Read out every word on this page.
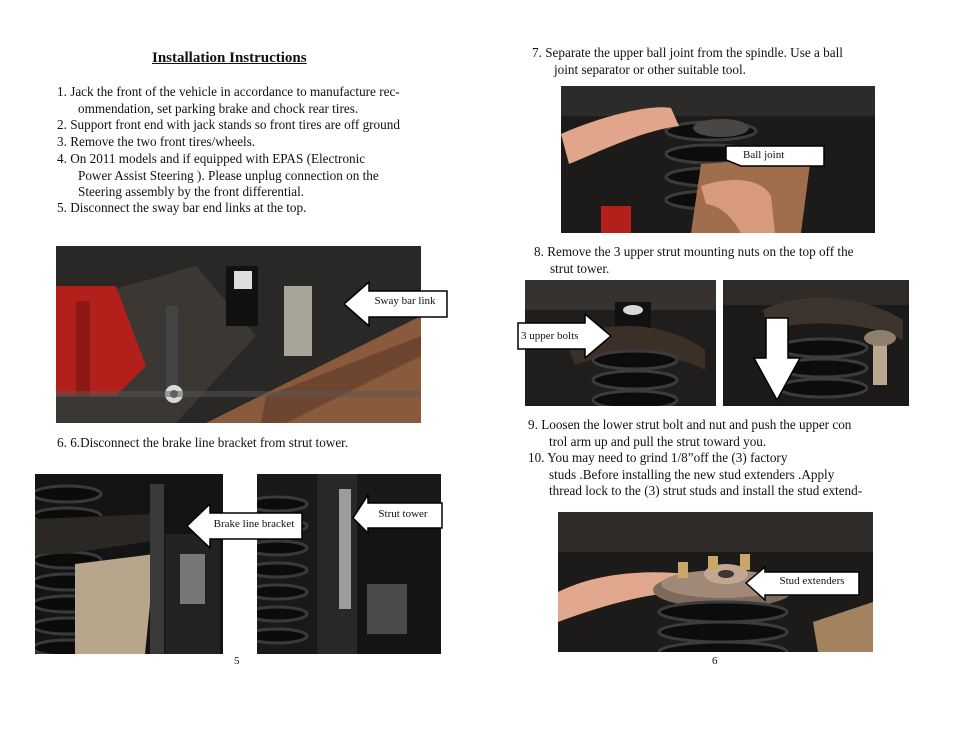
Installation Instructions
1. Jack the front of the vehicle in accordance to manufacture rec-
ommendation, set parking brake and chock rear tires.
2. Support front end with jack stands so front tires are off ground
3. Remove the two front tires/wheels.
4. On 2011 models and if equipped with EPAS (Electronic
Power Assist Steering ). Please unplug connection on the
Steering assembly by the front differential.
5. Disconnect the sway bar end links at the top.
Sway bar link
6. 6.Disconnect the brake line bracket from strut tower.
Brake line bracket
Strut tower
5
7. Separate the upper ball joint from the spindle. Use a ball
joint separator or other suitable tool.
Ball joint
8. Remove the 3 upper strut mounting nuts on the top off the
strut tower.
3 upper bolts
9. Loosen the lower strut bolt and nut and push the upper con
trol arm up and pull the strut toward you.
10. You may need to grind 1/8”off the (3) factory
studs .Before installing the new stud extenders .Apply
thread lock to the (3) strut studs and install the stud extend-
Stud extenders
6
